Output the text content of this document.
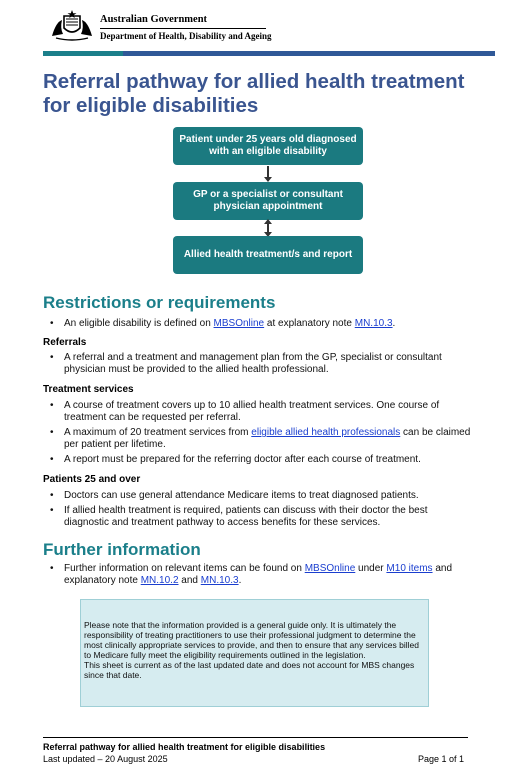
Australian Government
Department of Health, Disability and Ageing
Referral pathway for allied health treatment for eligible disabilities
Patient under 25 years old diagnosed with an eligible disability
GP or a specialist or consultant physician appointment
Allied health treatment/s and report
Restrictions or requirements
• An eligible disability is defined on MBSOnline at explanatory note MN.10.3.
Referrals
• A referral and a treatment and management plan from the GP, specialist or consultant physician must be provided to the allied health professional.
Treatment services
• A course of treatment covers up to 10 allied health treatment services. One course of treatment can be requested per referral.
• A maximum of 20 treatment services from eligible allied health professionals can be claimed per patient per lifetime.
• A report must be prepared for the referring doctor after each course of treatment.
Patients 25 and over
• Doctors can use general attendance Medicare items to treat diagnosed patients.
• If allied health treatment is required, patients can discuss with their doctor the best diagnostic and treatment pathway to access benefits for these services.
Further information
• Further information on relevant items can be found on MBSOnline under M10 items and explanatory note MN.10.2 and MN.10.3.

Please note that the information provided is a general guide only. It is ultimately the responsibility of treating practitioners to use their professional judgment to determine the most clinically appropriate services to provide, and then to ensure that any services billed to Medicare fully meet the eligibility requirements outlined in the legislation.

This sheet is current as of the last updated date and does not account for MBS changes since that date.

Referral pathway for allied health treatment for eligible disabilities
Last updated – 20 August 2025	Page 1 of 1
